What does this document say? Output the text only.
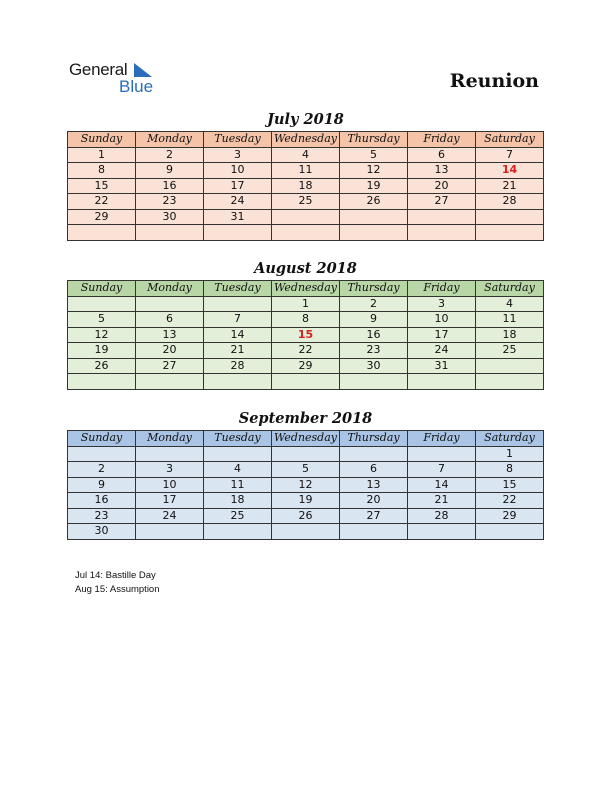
General
Blue	Reunion
July 2018
Sunday	Monday	Tuesday	Wednesday	Thursday	Friday	Saturday
1	2	3	4	5	6	7
8	9	10	11	12	13	14
15	16	17	18	19	20	21
22	23	24	25	26	27	28
29	30	31				

August 2018
Sunday	Monday	Tuesday	Wednesday	Thursday	Friday	Saturday
			1	2	3	4
5	6	7	8	9	10	11
12	13	14	15	16	17	18
19	20	21	22	23	24	25
26	27	28	29	30	31	

September 2018
Sunday	Monday	Tuesday	Wednesday	Thursday	Friday	Saturday
						1
2	3	4	5	6	7	8
9	10	11	12	13	14	15
16	17	18	19	20	21	22
23	24	25	26	27	28	29
30						
Jul 14: Bastille Day
Aug 15: Assumption
